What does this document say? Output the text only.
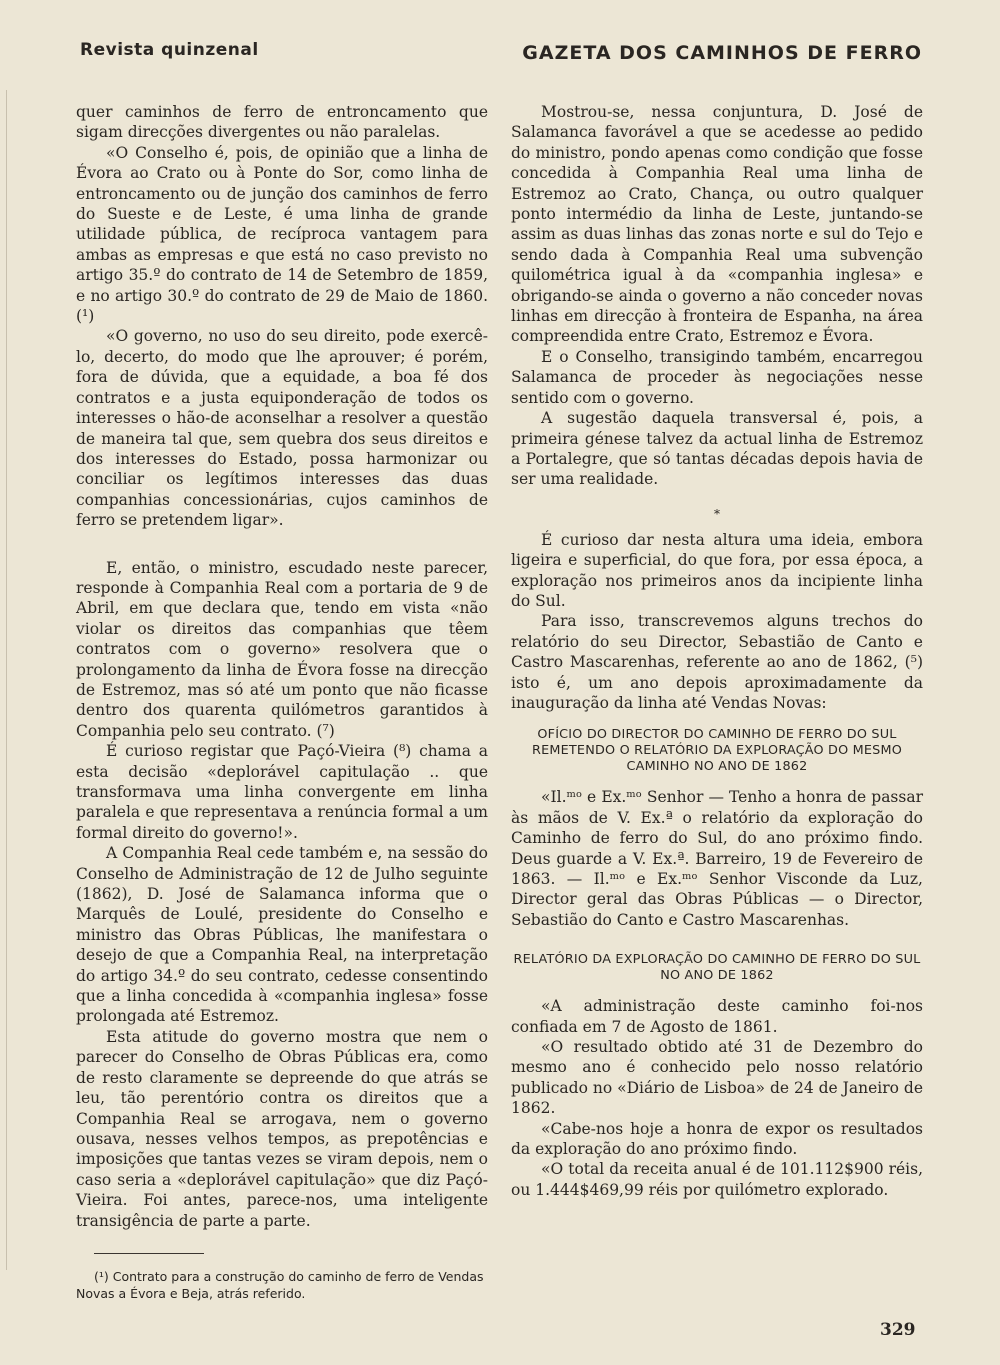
Revista quinzenal	GAZETA DOS CAMINHOS DE FERRO

quer caminhos de ferro de entroncamento que sigam direcções divergentes ou não paralelas.

«O Conselho é, pois, de opinião que a linha de Évora ao Crato ou à Ponte do Sor, como linha de entroncamento ou de junção dos caminhos de ferro do Sueste e de Leste, é uma linha de grande utilidade pública, de recíproca vantagem para ambas as empresas e que está no caso previsto no artigo 35.º do contrato de 14 de Setembro de 1859, e no artigo 30.º do contrato de 29 de Maio de 1860. (¹)

«O governo, no uso do seu direito, pode exercê-lo, decerto, do modo que lhe aprouver; é porém, fora de dúvida, que a equidade, a boa fé dos contratos e a justa equiponderação de todos os interesses o hão-de aconselhar a resolver a questão de maneira tal que, sem quebra dos seus direitos e dos interesses do Estado, possa harmonizar ou conciliar os legítimos interesses das duas companhias concessionárias, cujos caminhos de ferro se pretendem ligar».

E, então, o ministro, escudado neste parecer, responde à Companhia Real com a portaria de 9 de Abril, em que declara que, tendo em vista «não violar os direitos das companhias que têem contratos com o governo» resolvera que o prolongamento da linha de Évora fosse na direcção de Estremoz, mas só até um ponto que não ficasse dentro dos quarenta quilómetros garantidos à Companhia pelo seu contrato. (⁷)

É curioso registar que Paçó-Vieira (⁸) chama a esta decisão «deplorável capitulação .. que transformava uma linha convergente em linha paralela e que representava a renúncia formal a um formal direito do governo!».

A Companhia Real cede também e, na sessão do Conselho de Administração de 12 de Julho seguinte (1862), D. José de Salamanca informa que o Marquês de Loulé, presidente do Conselho e ministro das Obras Públicas, lhe manifestara o desejo de que a Companhia Real, na interpretação do artigo 34.º do seu contrato, cedesse consentindo que a linha concedida à «companhia inglesa» fosse prolongada até Estremoz.

Esta atitude do governo mostra que nem o parecer do Conselho de Obras Públicas era, como de resto claramente se depreende do que atrás se leu, tão perentório contra os direitos que a Companhia Real se arrogava, nem o governo ousava, nesses velhos tempos, as prepotências e imposições que tantas vezes se viram depois, nem o caso seria a «deplorável capitulação» que diz Paçó-Vieira. Foi antes, parece-nos, uma inteligente transigência de parte a parte.

(¹) Contrato para a construção do caminho de ferro de Vendas Novas a Évora e Beja, atrás referido.

Mostrou-se, nessa conjuntura, D. José de Salamanca favorável a que se acedesse ao pedido do ministro, pondo apenas como condição que fosse concedida à Companhia Real uma linha de Estremoz ao Crato, Chança, ou outro qualquer ponto intermédio da linha de Leste, juntando-se assim as duas linhas das zonas norte e sul do Tejo e sendo dada à Companhia Real uma subvenção quilométrica igual à da «companhia inglesa» e obrigando-se ainda o governo a não conceder novas linhas em direcção à fronteira de Espanha, na área compreendida entre Crato, Estremoz e Évora.

E o Conselho, transigindo também, encarregou Salamanca de proceder às negociações nesse sentido com o governo.

A sugestão daquela transversal é, pois, a primeira génese talvez da actual linha de Estremoz a Portalegre, que só tantas décadas depois havia de ser uma realidade.

*

É curioso dar nesta altura uma ideia, embora ligeira e superficial, do que fora, por essa época, a exploração nos primeiros anos da incipiente linha do Sul.

Para isso, transcrevemos alguns trechos do relatório do seu Director, Sebastião de Canto e Castro Mascarenhas, referente ao ano de 1862, (⁵) isto é, um ano depois aproximadamente da inauguração da linha até Vendas Novas:

OFÍCIO DO DIRECTOR DO CAMINHO DE FERRO DO SUL REMETENDO O RELATÓRIO DA EXPLORAÇÃO DO MESMO CAMINHO NO ANO DE 1862

«Il.ᵐᵒ e Ex.ᵐᵒ Senhor — Tenho a honra de passar às mãos de V. Ex.ª o relatório da exploração do Caminho de ferro do Sul, do ano próximo findo. Deus guarde a V. Ex.ª. Barreiro, 19 de Fevereiro de 1863. — Il.ᵐᵒ e Ex.ᵐᵒ Senhor Visconde da Luz, Director geral das Obras Públicas — o Director, Sebastião do Canto e Castro Mascarenhas.

RELATÓRIO DA EXPLORAÇÃO DO CAMINHO DE FERRO DO SUL NO ANO DE 1862

«A administração deste caminho foi-nos confiada em 7 de Agosto de 1861.

«O resultado obtido até 31 de Dezembro do mesmo ano é conhecido pelo nosso relatório publicado no «Diário de Lisboa» de 24 de Janeiro de 1862.

«Cabe-nos hoje a honra de expor os resultados da exploração do ano próximo findo.

«O total da receita anual é de 101.112$900 réis, ou 1.444$469,99 réis por quilómetro explorado.

329
